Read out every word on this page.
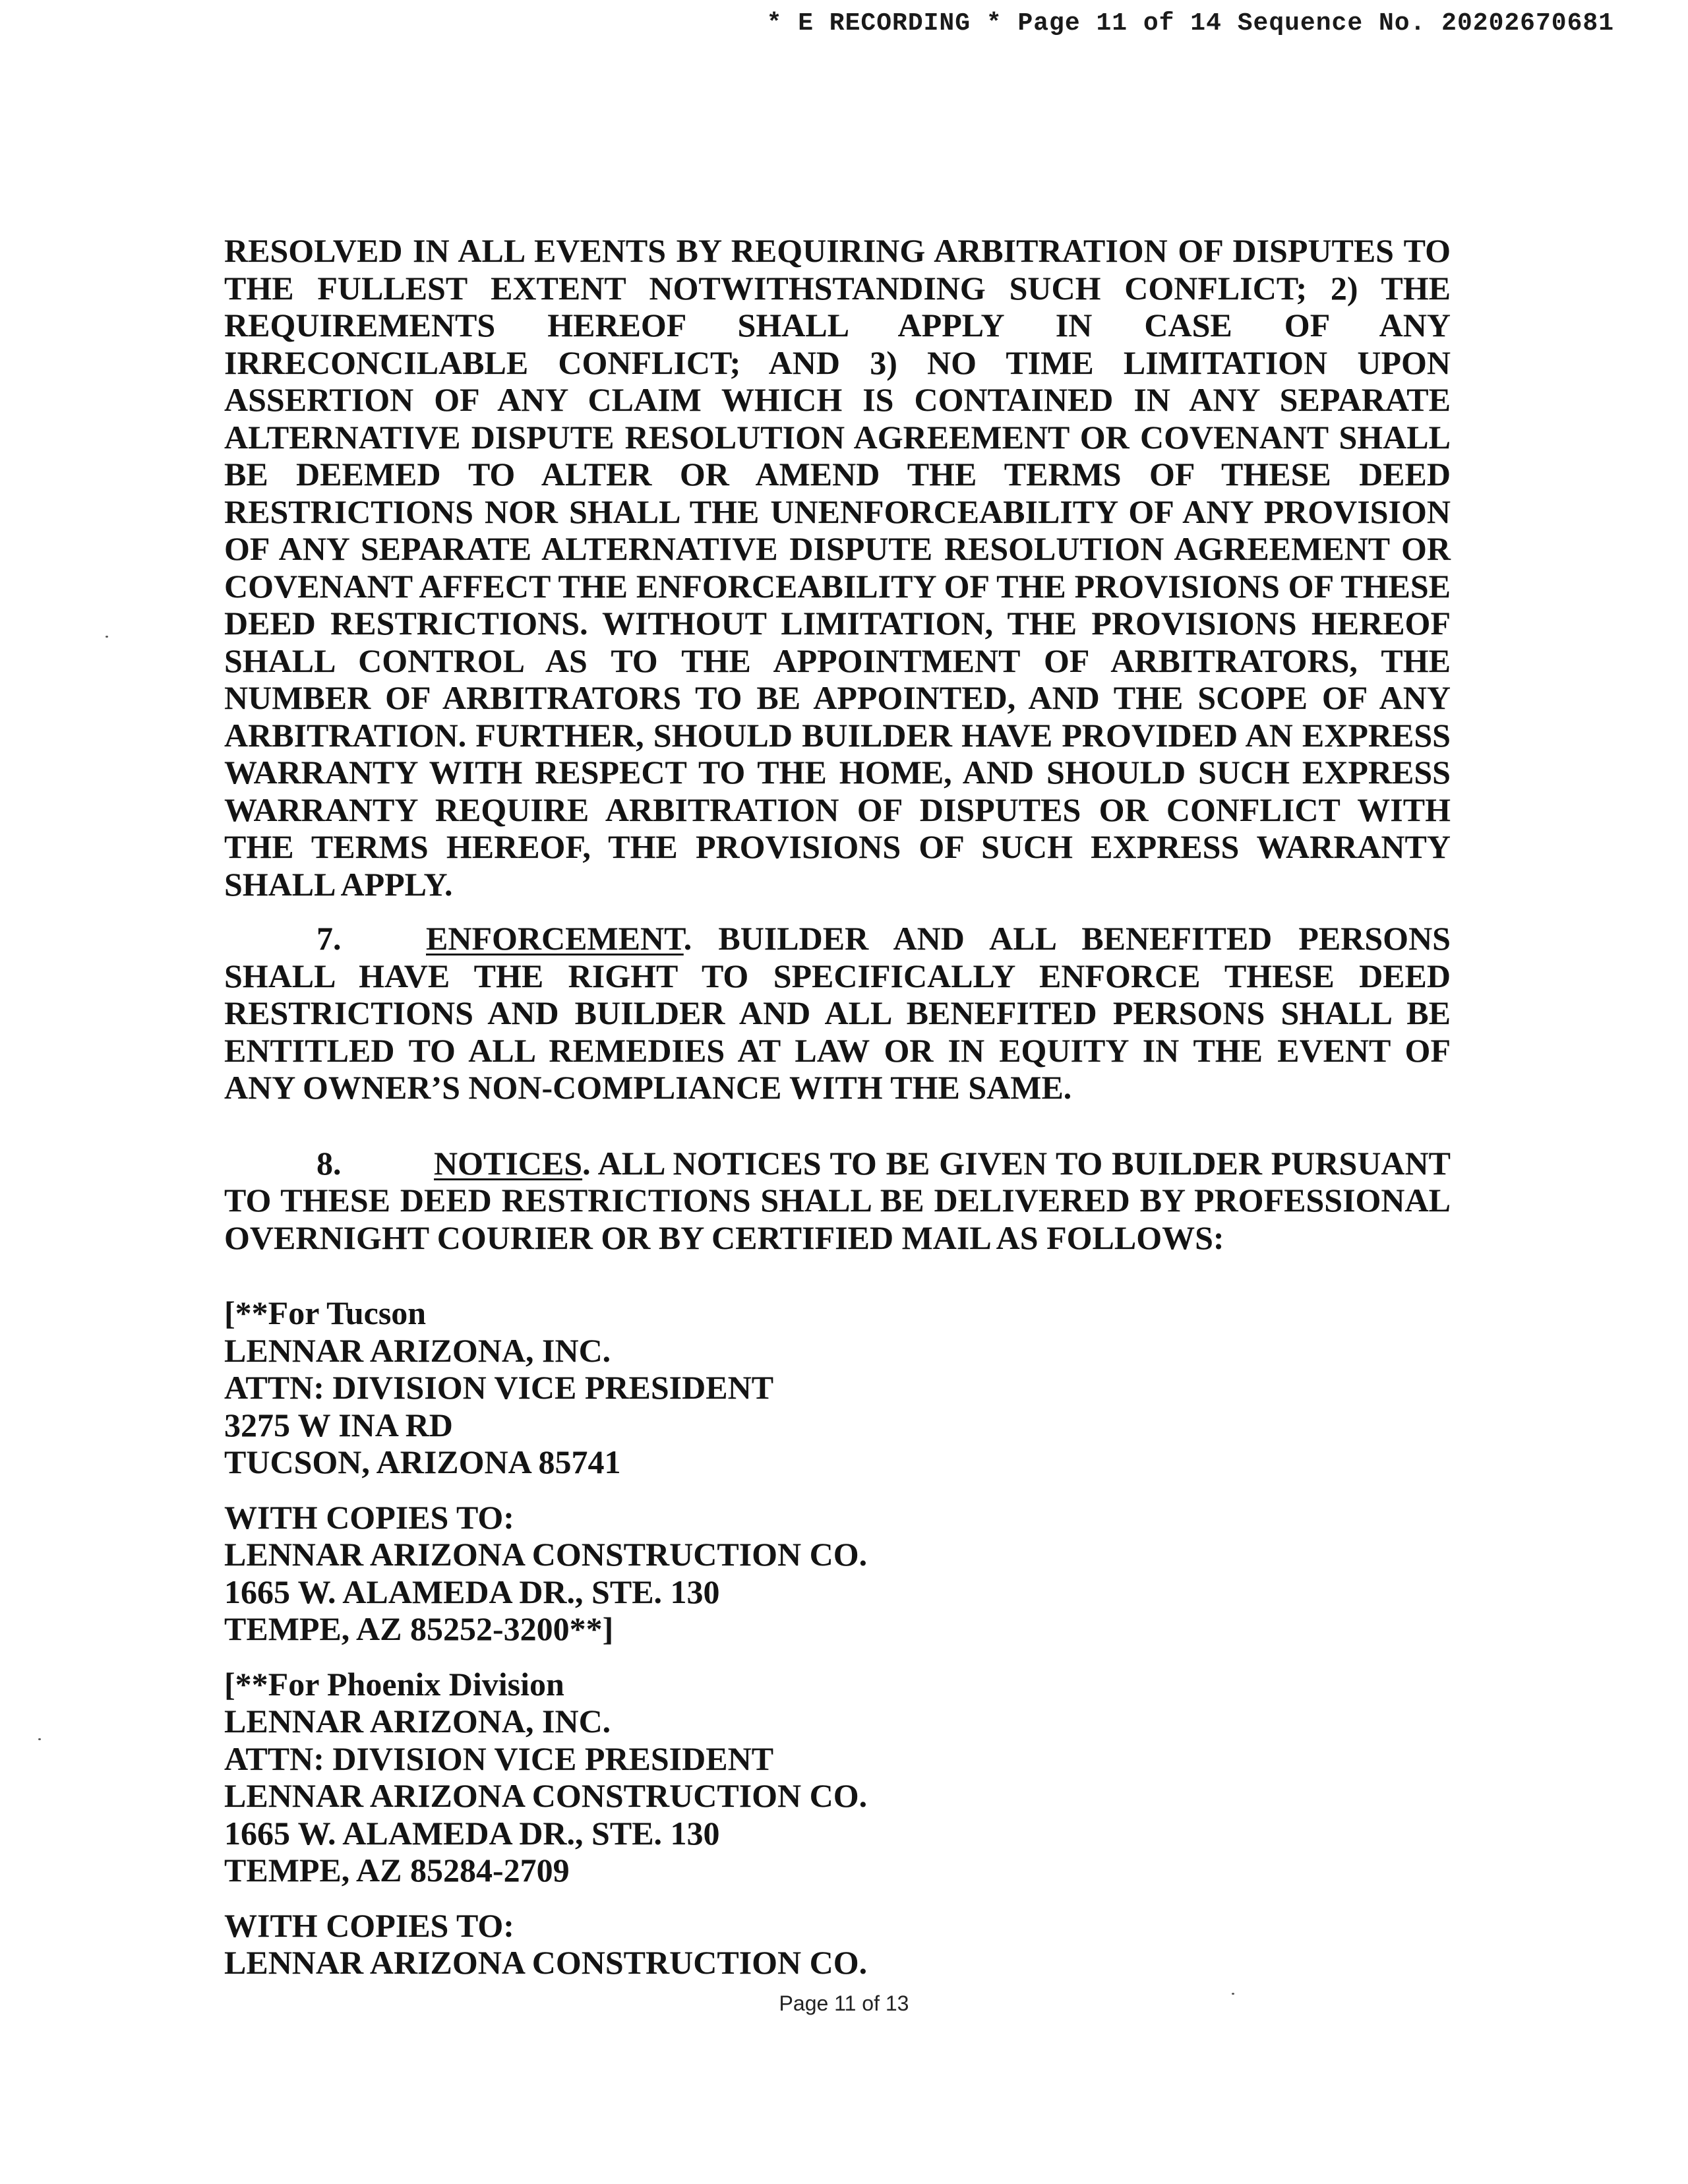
* E RECORDING * Page 11 of 14 Sequence No. 20202670681

RESOLVED IN ALL EVENTS BY REQUIRING ARBITRATION OF DISPUTES TO THE FULLEST EXTENT NOTWITHSTANDING SUCH CONFLICT; 2) THE REQUIREMENTS HEREOF SHALL APPLY IN CASE OF ANY IRRECONCILABLE CONFLICT; AND 3) NO TIME LIMITATION UPON ASSERTION OF ANY CLAIM WHICH IS CONTAINED IN ANY SEPARATE ALTERNATIVE DISPUTE RESOLUTION AGREEMENT OR COVENANT SHALL BE DEEMED TO ALTER OR AMEND THE TERMS OF THESE DEED RESTRICTIONS NOR SHALL THE UNENFORCEABILITY OF ANY PROVISION OF ANY SEPARATE ALTERNATIVE DISPUTE RESOLUTION AGREEMENT OR COVENANT AFFECT THE ENFORCEABILITY OF THE PROVISIONS OF THESE DEED RESTRICTIONS. WITHOUT LIMITATION, THE PROVISIONS HEREOF SHALL CONTROL AS TO THE APPOINTMENT OF ARBITRATORS, THE NUMBER OF ARBITRATORS TO BE APPOINTED, AND THE SCOPE OF ANY ARBITRATION. FURTHER, SHOULD BUILDER HAVE PROVIDED AN EXPRESS WARRANTY WITH RESPECT TO THE HOME, AND SHOULD SUCH EXPRESS WARRANTY REQUIRE ARBITRATION OF DISPUTES OR CONFLICT WITH THE TERMS HEREOF, THE PROVISIONS OF SUCH EXPRESS WARRANTY SHALL APPLY.

7.	ENFORCEMENT. BUILDER AND ALL BENEFITED PERSONS SHALL HAVE THE RIGHT TO SPECIFICALLY ENFORCE THESE DEED RESTRICTIONS AND BUILDER AND ALL BENEFITED PERSONS SHALL BE ENTITLED TO ALL REMEDIES AT LAW OR IN EQUITY IN THE EVENT OF ANY OWNER’S NON-COMPLIANCE WITH THE SAME.

8.	NOTICES. ALL NOTICES TO BE GIVEN TO BUILDER PURSUANT TO THESE DEED RESTRICTIONS SHALL BE DELIVERED BY PROFESSIONAL OVERNIGHT COURIER OR BY CERTIFIED MAIL AS FOLLOWS:

[**For Tucson
LENNAR ARIZONA, INC.
ATTN: DIVISION VICE PRESIDENT
3275 W INA RD
TUCSON, ARIZONA 85741
WITH COPIES TO:
LENNAR ARIZONA CONSTRUCTION CO.
1665 W. ALAMEDA DR., STE. 130
TEMPE, AZ 85252-3200**]
[**For Phoenix Division
LENNAR ARIZONA, INC.
ATTN: DIVISION VICE PRESIDENT
LENNAR ARIZONA CONSTRUCTION CO.
1665 W. ALAMEDA DR., STE. 130
TEMPE, AZ 85284-2709
WITH COPIES TO:
LENNAR ARIZONA CONSTRUCTION CO.
Page 11 of 13
